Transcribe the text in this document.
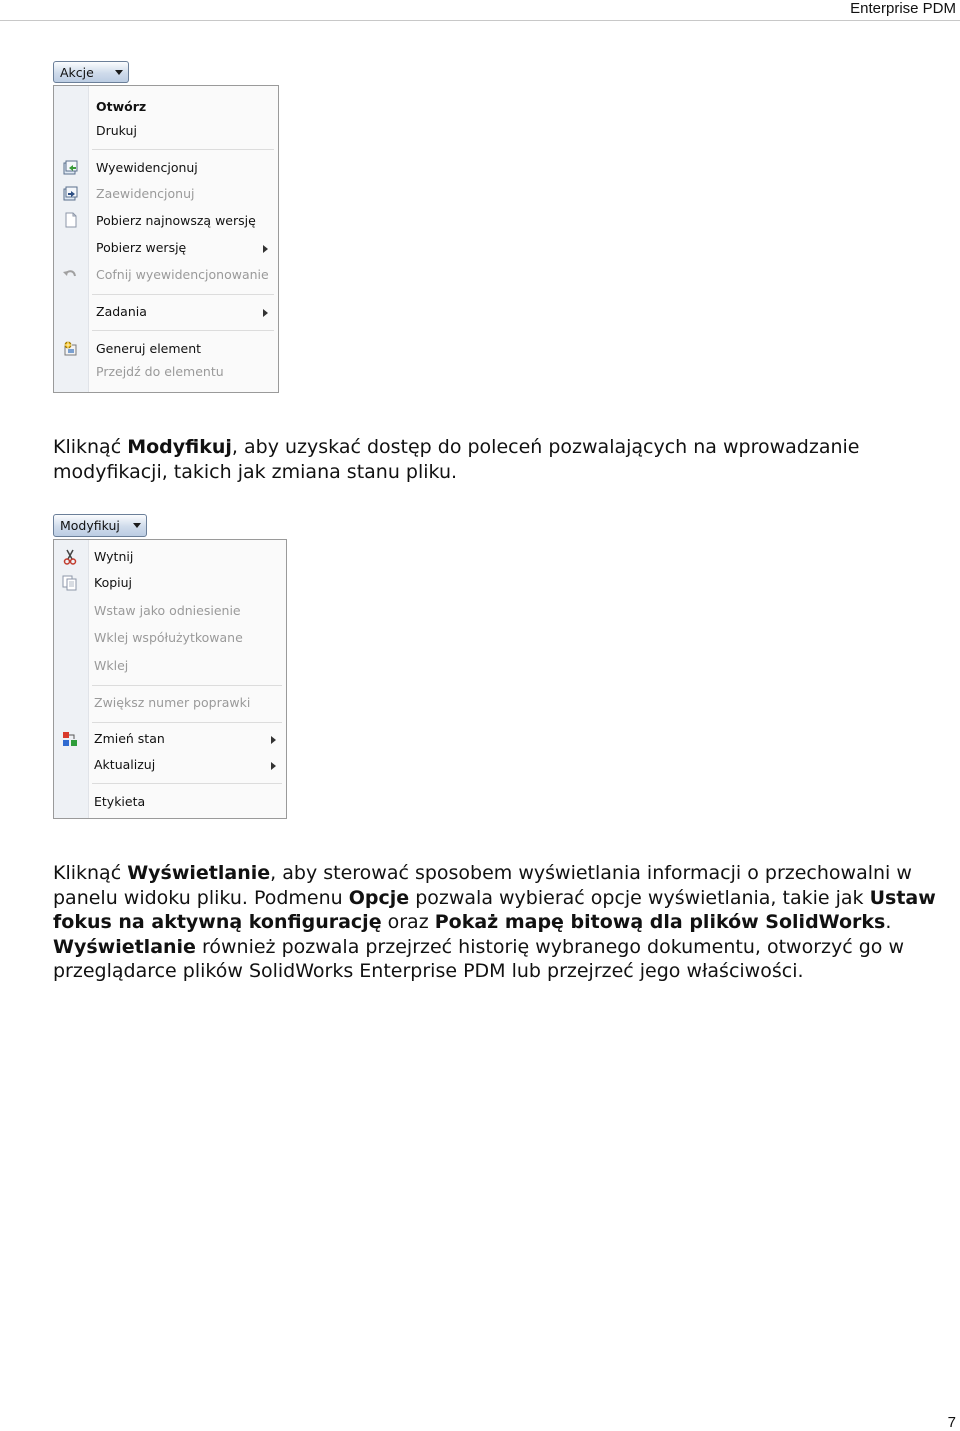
Enterprise PDM
Akcje
Otwórz
Drukuj
Wyewidencjonuj
Zaewidencjonuj
Pobierz najnowszą wersję
Pobierz wersję
Cofnij wyewidencjonowanie
Zadania
Generuj element
Przejdź do elementu

Kliknąć Modyfikuj, aby uzyskać dostęp do poleceń pozwalających na wprowadzanie modyfikacji, takich jak zmiana stanu pliku.

Modyfikuj
Wytnij
Kopiuj
Wstaw jako odniesienie
Wklej współużytkowane
Wklej
Zwiększ numer poprawki
Zmień stan
Aktualizuj
Etykieta

Kliknąć Wyświetlanie, aby sterować sposobem wyświetlania informacji o przechowalni w panelu widoku pliku. Podmenu Opcje pozwala wybierać opcje wyświetlania, takie jak Ustaw fokus na aktywną konfigurację oraz Pokaż mapę bitową dla plików SolidWorks. Wyświetlanie również pozwala przejrzeć historię wybranego dokumentu, otworzyć go w przeglądarce plików SolidWorks Enterprise PDM lub przejrzeć jego właściwości.

7
